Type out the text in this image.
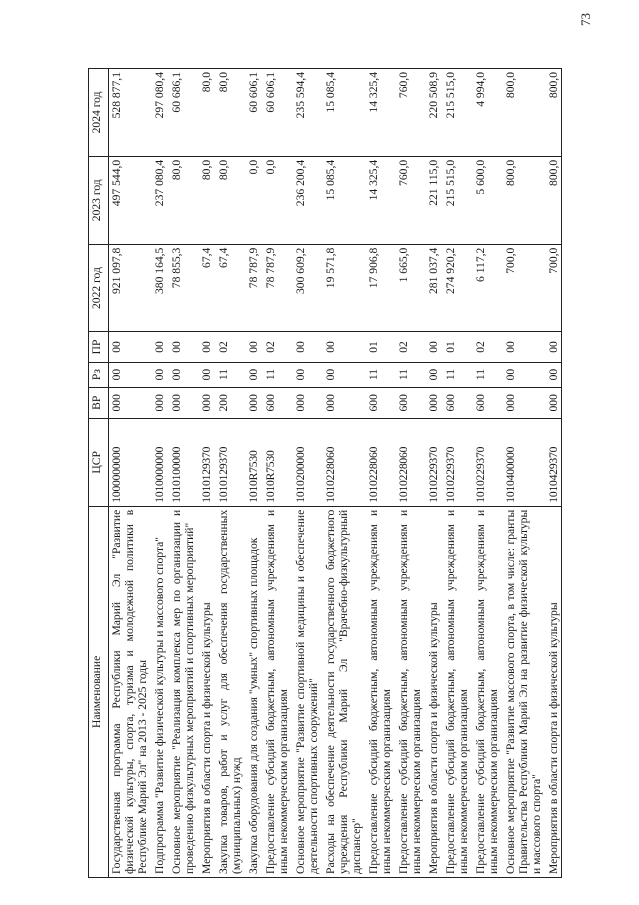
73
Наименование	ЦСР	ВР	Рз	ПР	2022 год	2023 год	2024 год
Государственная программа Республики Марий Эл "Развитие физической культуры, спорта, туризма и молодежной политики в Республике Марий Эл" на 2013 - 2025 годы	1000000000	000	00	00	921 097,8	497 544,0	528 877,1

Подпрограмма "Развитие физической культуры и массового спорта"	1010000000	000	00	00	380 164,5	237 080,4	297 080,4

Основное мероприятие "Реализация комплекса мер по организации и проведению физкультурных мероприятий и спортивных мероприятий"	1010100000	000	00	00	78 855,3	80,0	60 686,1

Мероприятия в области спорта и физической культуры	1010129370	000	00	00	67,4	80,0	80,0

Закупка товаров, работ и услуг для обеспечения государственных (муниципальных) нужд	1010129370	200	11	02	67,4	80,0	80,0

Закупка оборудования для создания "умных" спортивных площадок	1010R7530	000	00	00	78 787,9	0,0	60 606,1

Предоставление субсидий бюджетным, автономным учреждениям и иным некоммерческим организациям	1010R7530	600	11	02	78 787,9	0,0	60 606,1

Основное мероприятие "Развитие спортивной медицины и обеспечение деятельности спортивных сооружений"	1010200000	000	00	00	300 609,2	236 200,4	235 594,4

Расходы на обеспечение деятельности государственного бюджетного учреждения Республики Марий Эл "Врачебно-физкультурный диспансер"	1010228060	000	00	00	19 571,8	15 085,4	15 085,4

Предоставление субсидий бюджетным, автономным учреждениям и иным некоммерческим организациям	1010228060	600	11	01	17 906,8	14 325,4	14 325,4

Предоставление субсидий бюджетным, автономным учреждениям и иным некоммерческим организациям	1010228060	600	11	02	1 665,0	760,0	760,0

Мероприятия в области спорта и физической культуры	1010229370	000	00	00	281 037,4	221 115,0	220 508,9

Предоставление субсидий бюджетным, автономным учреждениям и иным некоммерческим организациям	1010229370	600	11	01	274 920,2	215 515,0	215 515,0

Предоставление субсидий бюджетным, автономным учреждениям и иным некоммерческим организациям	1010229370	600	11	02	6 117,2	5 600,0	4 994,0

Основное мероприятие "Развитие массового спорта, в том числе: гранты Правительства Республики Марий Эл на развитие физической культуры и массового спорта"	1010400000	000	00	00	700,0	800,0	800,0

Мероприятия в области спорта и физической культуры	1010429370	000	00	00	700,0	800,0	800,0
